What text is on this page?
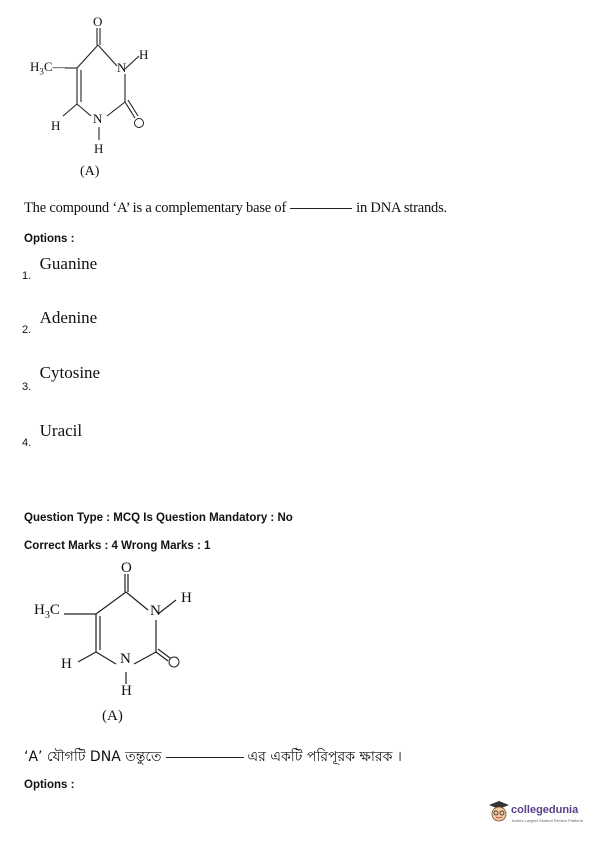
O
$H_3C—$	N
H
H	N
H
(A)
The compound ‘A’ is a complementary base of	in DNA strands.
Options :
$_{1.}$ Guanine
$_{2.}$ Adenine
$_{3.}$ Cytosine
$_{4.}$ Uracil
Question Type : MCQ Is Question Mandatory : No
Correct Marks : 4 Wrong Marks : 1
O
$H_3C$	N
H
H	N
H
(A)
‘A’ যৌগটি DNA তন্তুতে	এর একটি পরিপূরক ক্ষারক ।
Options :
collegedunia
India's Largest Student Review Platform
